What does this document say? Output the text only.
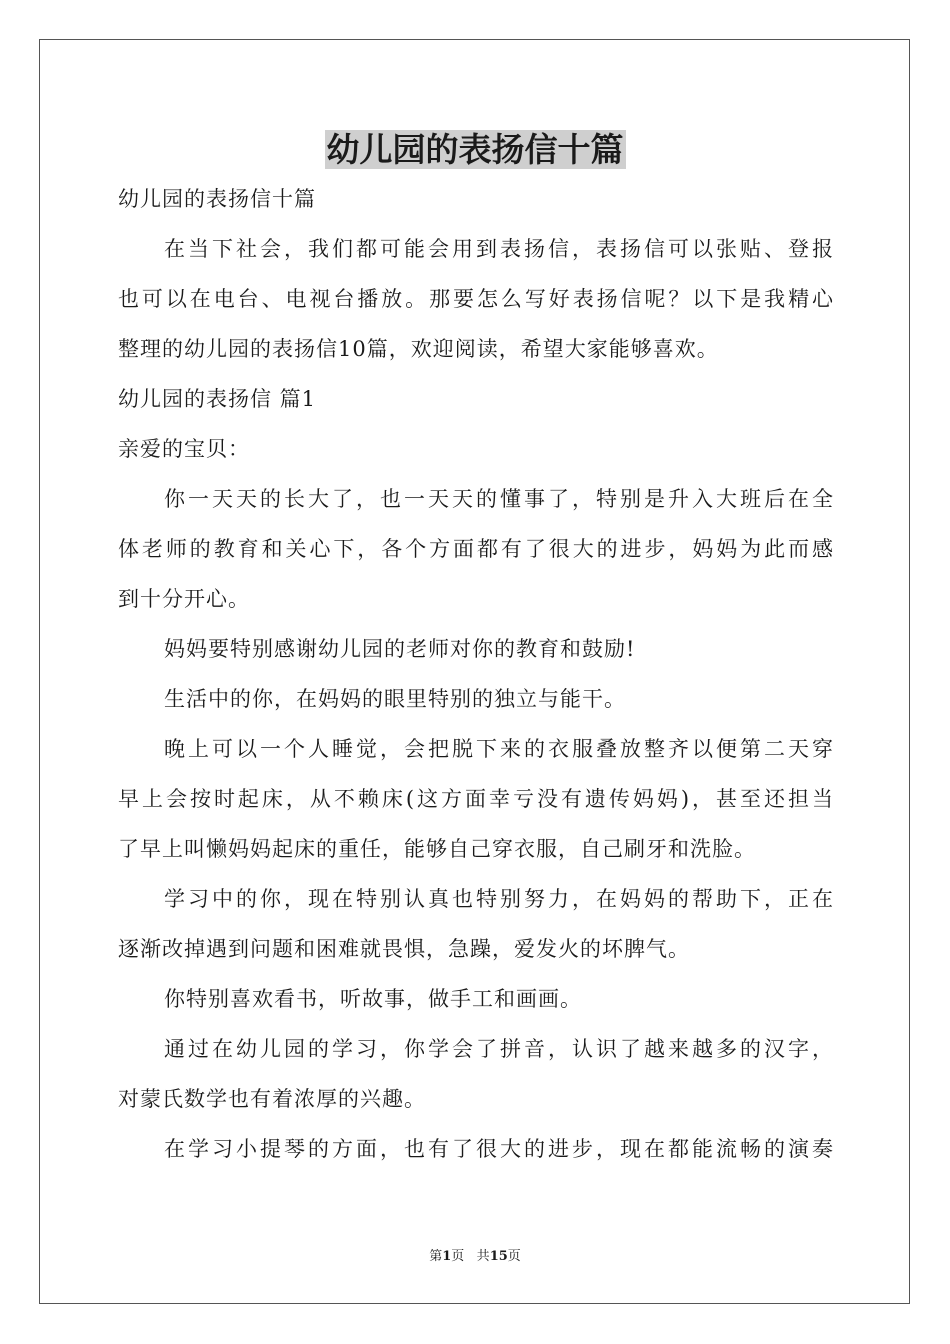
幼儿园的表扬信十篇

幼儿园的表扬信十篇

在当下社会，我们都可能会用到表扬信，表扬信可以张贴、登报

也可以在电台、电视台播放。那要怎么写好表扬信呢？以下是我精心

整理的幼儿园的表扬信10篇，欢迎阅读，希望大家能够喜欢。

幼儿园的表扬信 篇1

亲爱的宝贝：

你一天天的长大了，也一天天的懂事了，特别是升入大班后在全

体老师的教育和关心下，各个方面都有了很大的进步，妈妈为此而感

到十分开心。

妈妈要特别感谢幼儿园的老师对你的教育和鼓励!

生活中的你，在妈妈的眼里特别的独立与能干。

晚上可以一个人睡觉，会把脱下来的衣服叠放整齐以便第二天穿

早上会按时起床，从不赖床(这方面幸亏没有遗传妈妈)，甚至还担当

了早上叫懒妈妈起床的重任，能够自己穿衣服，自己刷牙和洗脸。

学习中的你，现在特别认真也特别努力，在妈妈的帮助下，正在

逐渐改掉遇到问题和困难就畏惧，急躁，爱发火的坏脾气。

你特别喜欢看书，听故事，做手工和画画。

通过在幼儿园的学习，你学会了拼音，认识了越来越多的汉字，

对蒙氏数学也有着浓厚的兴趣。

在学习小提琴的方面，也有了很大的进步，现在都能流畅的演奏

第1页 共15页
